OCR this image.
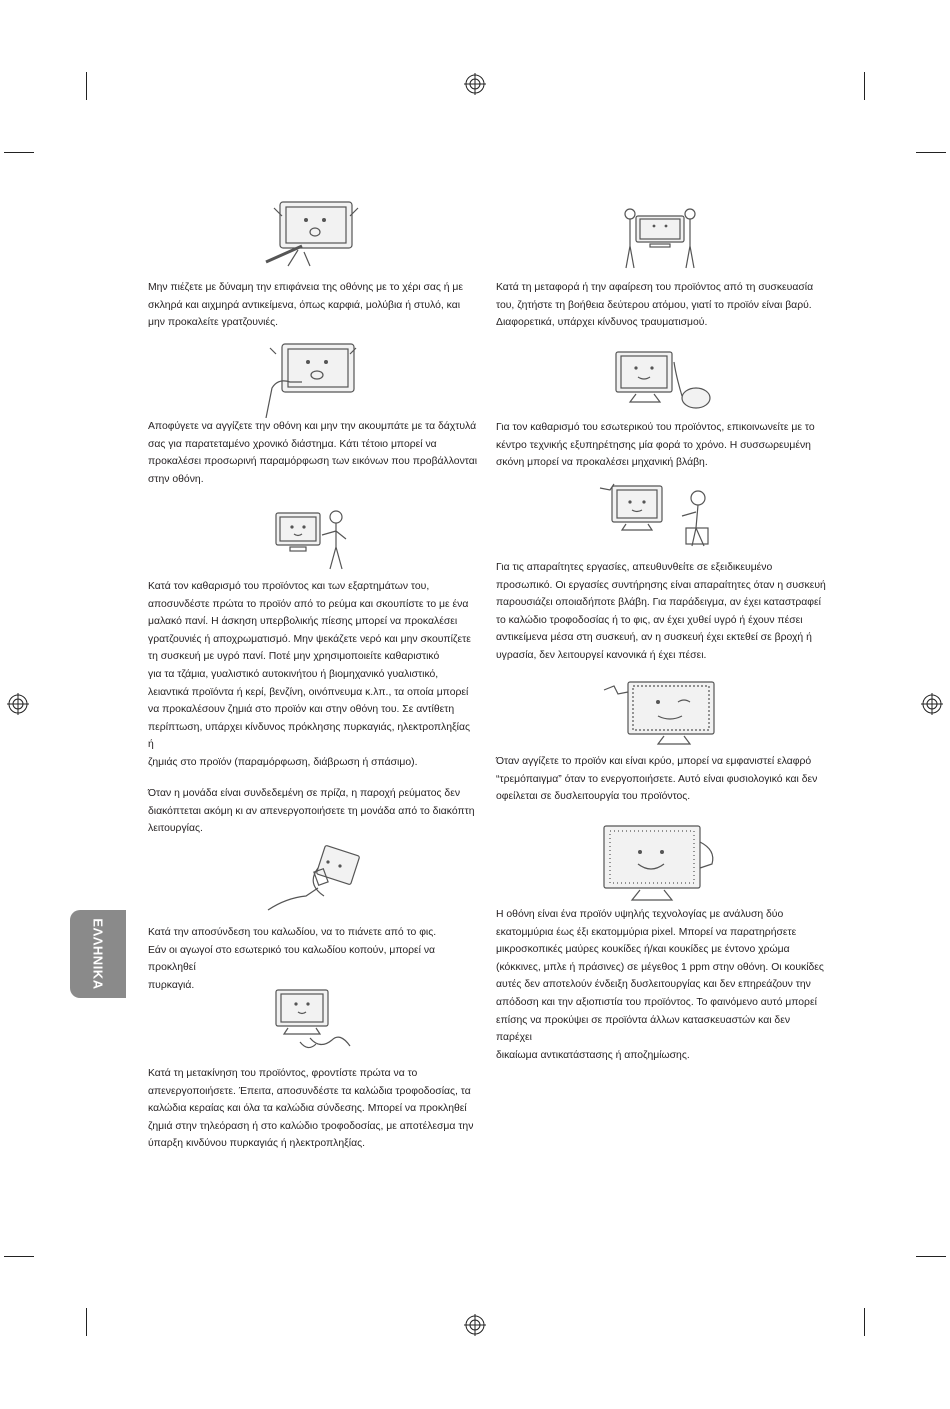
ΕΛΛΗΝΙΚΑ

Μην πιέζετε με δύναμη την επιφάνεια της οθόνης με το χέρι σας ή με

σκληρά και αιχμηρά αντικείμενα, όπως καρφιά, μολύβια ή στυλό, και

μην προκαλείτε γρατζουνιές.

Αποφύγετε να αγγίζετε την οθόνη και μην την ακουμπάτε με τα δάχτυλά

σας για παρατεταμένο χρονικό διάστημα. Κάτι τέτοιο μπορεί να

προκαλέσει προσωρινή παραμόρφωση των εικόνων που προβάλλονται

στην οθόνη.

Κατά τον καθαρισμό του προϊόντος και των εξαρτημάτων του,

αποσυνδέστε πρώτα το προϊόν από το ρεύμα και σκουπίστε το με ένα

μαλακό πανί. Η άσκηση υπερβολικής πίεσης μπορεί να προκαλέσει

γρατζουνιές ή αποχρωματισμό. Μην ψεκάζετε νερό και μην σκουπίζετε

τη συσκευή με υγρό πανί. Ποτέ μην χρησιμοποιείτε καθαριστικό

για τα τζάμια, γυαλιστικό αυτοκινήτου ή βιομηχανικό γυαλιστικό,

λειαντικά προϊόντα ή κερί, βενζίνη, οινόπνευμα κ.λπ., τα οποία μπορεί

να προκαλέσουν ζημιά στο προϊόν και στην οθόνη του. Σε αντίθετη

περίπτωση, υπάρχει κίνδυνος πρόκλησης πυρκαγιάς, ηλεκτροπληξίας ή

ζημιάς στο προϊόν (παραμόρφωση, διάβρωση ή σπάσιμο).

Όταν η μονάδα είναι συνδεδεμένη σε πρίζα, η παροχή ρεύματος δεν

διακόπτεται ακόμη κι αν απενεργοποιήσετε τη μονάδα από το διακόπτη

λειτουργίας.

Κατά την αποσύνδεση του καλωδίου, να το πιάνετε από το φις.

Εάν οι αγωγοί στο εσωτερικό του καλωδίου κοπούν, μπορεί να προκληθεί

πυρκαγιά.

Κατά τη μετακίνηση του προϊόντος, φροντίστε πρώτα να το

απενεργοποιήσετε. Έπειτα, αποσυνδέστε τα καλώδια τροφοδοσίας, τα

καλώδια κεραίας και όλα τα καλώδια σύνδεσης. Μπορεί να προκληθεί

ζημιά στην τηλεόραση ή στο καλώδιο τροφοδοσίας, με αποτέλεσμα την

ύπαρξη κινδύνου πυρκαγιάς ή ηλεκτροπληξίας.

Κατά τη μεταφορά ή την αφαίρεση του προϊόντος από τη συσκευασία

του, ζητήστε τη βοήθεια δεύτερου ατόμου, γιατί το προϊόν είναι βαρύ.

Διαφορετικά, υπάρχει κίνδυνος τραυματισμού.

Για τον καθαρισμό του εσωτερικού του προϊόντος, επικοινωνείτε με το

κέντρο τεχνικής εξυπηρέτησης μία φορά το χρόνο. Η συσσωρευμένη

σκόνη μπορεί να προκαλέσει μηχανική βλάβη.

Για τις απαραίτητες εργασίες, απευθυνθείτε σε εξειδικευμένο

προσωπικό. Οι εργασίες συντήρησης είναι απαραίτητες όταν η συσκευή

παρουσιάζει οποιαδήποτε βλάβη. Για παράδειγμα, αν έχει καταστραφεί

το καλώδιο τροφοδοσίας ή το φις, αν έχει χυθεί υγρό ή έχουν πέσει

αντικείμενα μέσα στη συσκευή, αν η συσκευή έχει εκτεθεί σε βροχή ή

υγρασία, δεν λειτουργεί κανονικά ή έχει πέσει.

Όταν αγγίζετε το προϊόν και είναι κρύο, μπορεί να εμφανιστεί ελαφρό

“τρεμόπαιγμα” όταν το ενεργοποιήσετε. Αυτό είναι φυσιολογικό και δεν

οφείλεται σε δυσλειτουργία του προϊόντος.

Η οθόνη είναι ένα προϊόν υψηλής τεχνολογίας με ανάλυση δύο

εκατομμύρια έως έξι εκατομμύρια pixel. Μπορεί να παρατηρήσετε

μικροσκοπικές μαύρες κουκίδες ή/και κουκίδες με έντονο χρώμα

(κόκκινες, μπλε ή πράσινες) σε μέγεθος 1 ppm στην οθόνη. Οι κουκίδες

αυτές δεν αποτελούν ένδειξη δυσλειτουργίας και δεν επηρεάζουν την

απόδοση και την αξιοπιστία του προϊόντος. Το φαινόμενο αυτό μπορεί

επίσης να προκύψει σε προϊόντα άλλων κατασκευαστών και δεν παρέχει

δικαίωμα αντικατάστασης ή αποζημίωσης.
